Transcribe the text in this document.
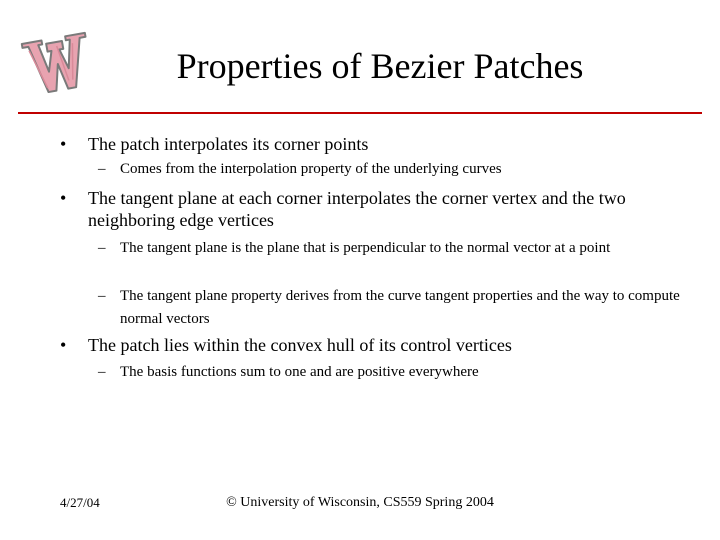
Properties of Bezier Patches
• The patch interpolates its corner points
– Comes from the interpolation property of the underlying curves
• The tangent plane at each corner interpolates the corner vertex and the two neighboring edge vertices
– The tangent plane is the plane that is perpendicular to the normal vector at a point
– The tangent plane property derives from the curve tangent properties and the way to compute normal vectors
• The patch lies within the convex hull of its control vertices
– The basis functions sum to one and are positive everywhere
4/27/04	© University of Wisconsin, CS559 Spring 2004
